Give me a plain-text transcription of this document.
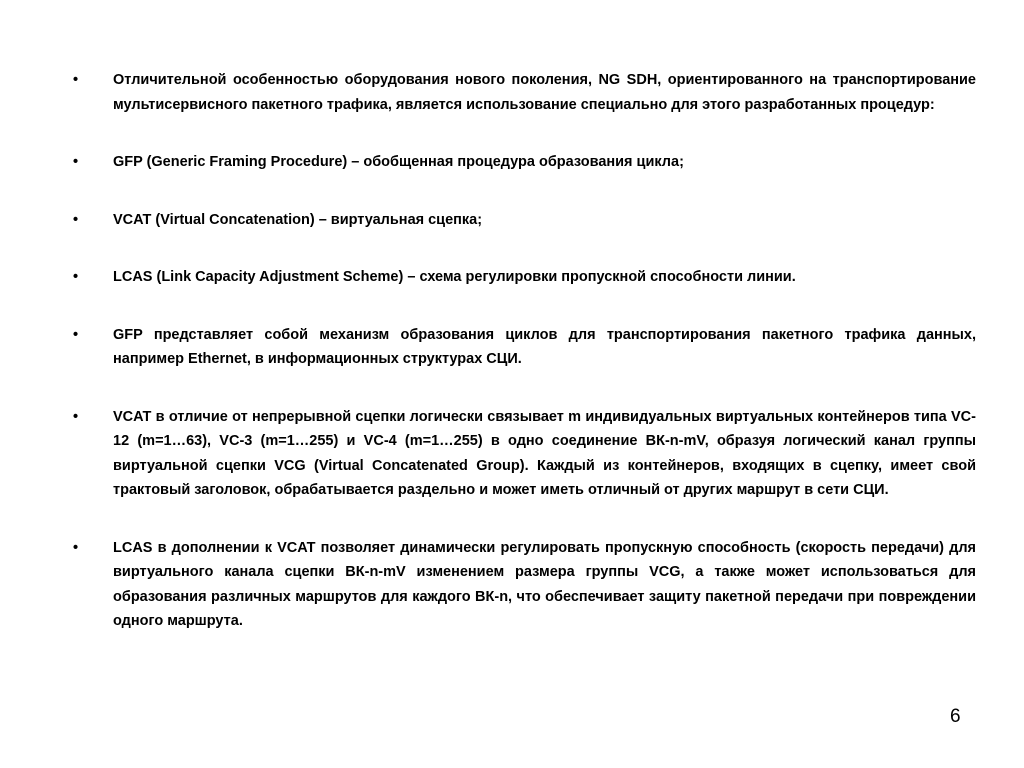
• Отличительной особенностью оборудования нового поколения, NG SDH, ориентированного на транспортирование мультисервисного пакетного трафика, является использование специально для этого разработанных процедур:
• GFP (Generic Framing Procedure) – обобщенная процедура образования цикла;
• VCAT (Virtual Concatenation) – виртуальная сцепка;
• LCAS (Link Capacity Adjustment Scheme) – схема регулировки пропускной способности линии.
• GFP представляет собой механизм образования циклов для транспортирования пакетного трафика данных, например Ethernet, в информационных структурах СЦИ.
• VCAT в отличие от непрерывной сцепки логически связывает m индивидуальных виртуальных контейнеров типа VC-12 (m=1…63), VC-3 (m=1…255) и VC-4 (m=1…255) в одно соединение ВК-n-mV, образуя логический канал группы виртуальной сцепки VCG (Virtual Concatenated Group). Каждый из контейнеров, входящих в сцепку, имеет свой трактовый заголовок, обрабатывается раздельно и может иметь отличный от других маршрут в сети СЦИ.
• LCAS в дополнении к VCAT позволяет динамически регулировать пропускную способность (скорость передачи) для виртуального канала сцепки ВК-n-mV изменением размера группы VCG, а также может использоваться для образования различных маршрутов для каждого ВК-n, что обеспечивает защиту пакетной передачи при повреждении одного маршрута.
6
